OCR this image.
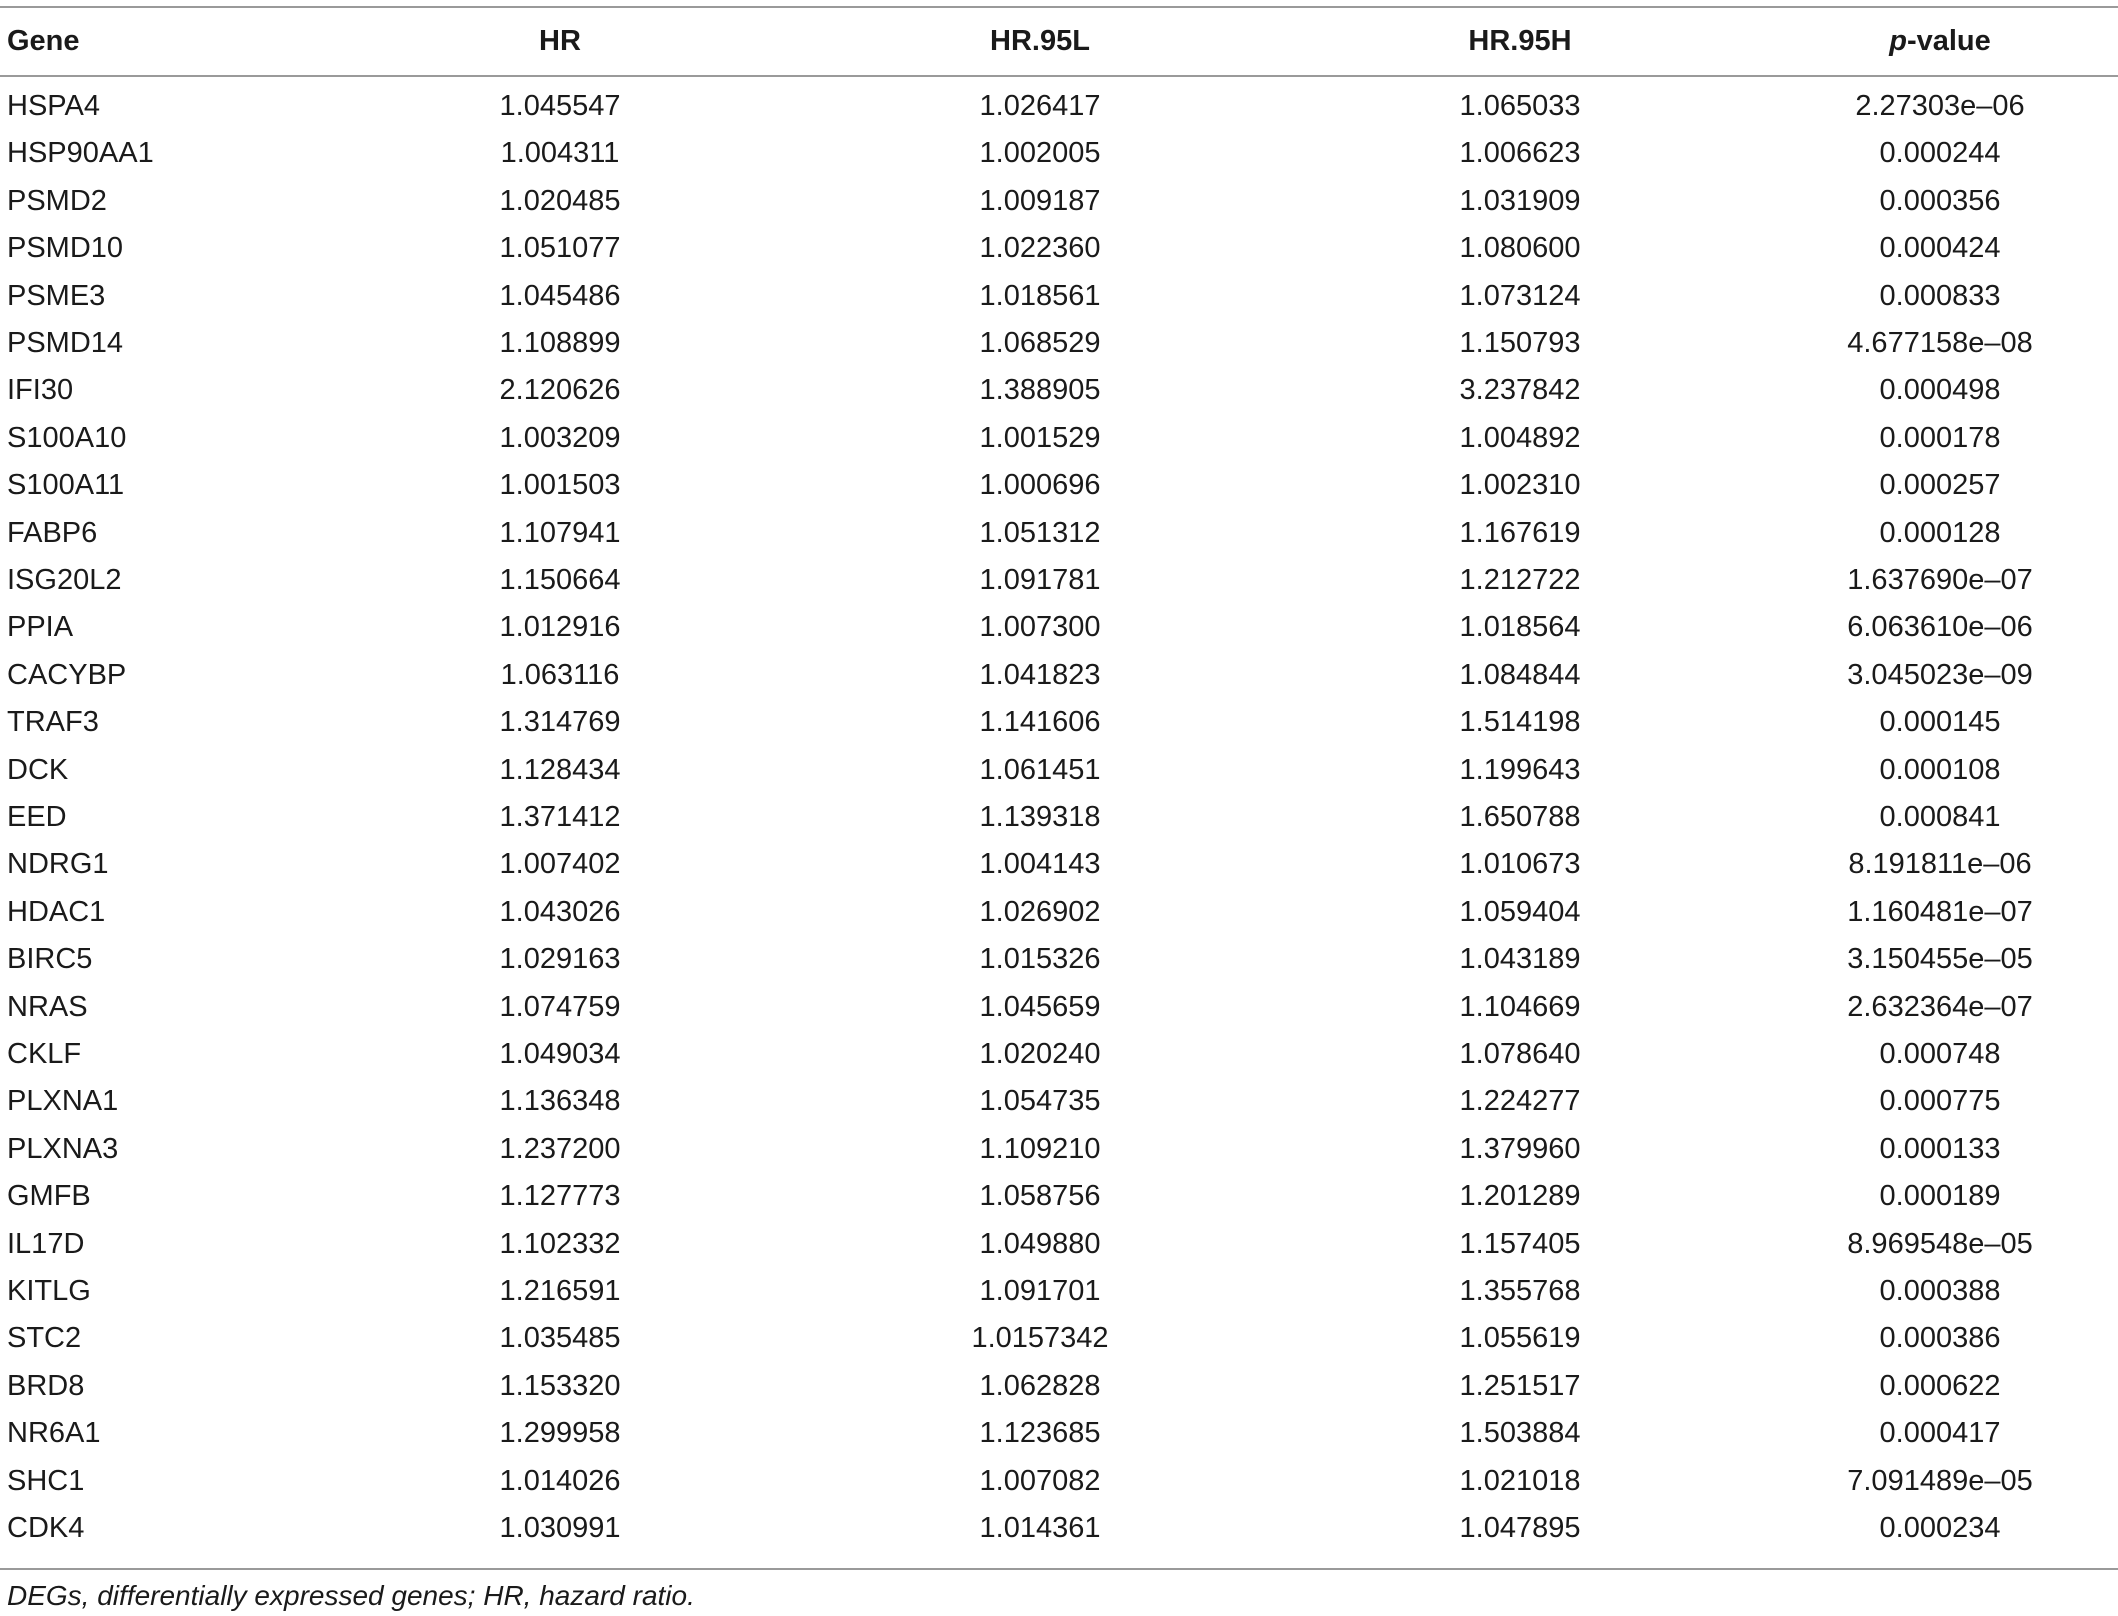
Gene	HR	HR.95L	HR.95H	p-value
HSPA4	1.045547	1.026417	1.065033	2.27303e–06
HSP90AA1	1.004311	1.002005	1.006623	0.000244
PSMD2	1.020485	1.009187	1.031909	0.000356
PSMD10	1.051077	1.022360	1.080600	0.000424
PSME3	1.045486	1.018561	1.073124	0.000833
PSMD14	1.108899	1.068529	1.150793	4.677158e–08
IFI30	2.120626	1.388905	3.237842	0.000498
S100A10	1.003209	1.001529	1.004892	0.000178
S100A11	1.001503	1.000696	1.002310	0.000257
FABP6	1.107941	1.051312	1.167619	0.000128
ISG20L2	1.150664	1.091781	1.212722	1.637690e–07
PPIA	1.012916	1.007300	1.018564	6.063610e–06
CACYBP	1.063116	1.041823	1.084844	3.045023e–09
TRAF3	1.314769	1.141606	1.514198	0.000145
DCK	1.128434	1.061451	1.199643	0.000108
EED	1.371412	1.139318	1.650788	0.000841
NDRG1	1.007402	1.004143	1.010673	8.191811e–06
HDAC1	1.043026	1.026902	1.059404	1.160481e–07
BIRC5	1.029163	1.015326	1.043189	3.150455e–05
NRAS	1.074759	1.045659	1.104669	2.632364e–07
CKLF	1.049034	1.020240	1.078640	0.000748
PLXNA1	1.136348	1.054735	1.224277	0.000775
PLXNA3	1.237200	1.109210	1.379960	0.000133
GMFB	1.127773	1.058756	1.201289	0.000189
IL17D	1.102332	1.049880	1.157405	8.969548e–05
KITLG	1.216591	1.091701	1.355768	0.000388
STC2	1.035485	1.0157342	1.055619	0.000386
BRD8	1.153320	1.062828	1.251517	0.000622
NR6A1	1.299958	1.123685	1.503884	0.000417
SHC1	1.014026	1.007082	1.021018	7.091489e–05
CDK4	1.030991	1.014361	1.047895	0.000234
DEGs, differentially expressed genes; HR, hazard ratio.
